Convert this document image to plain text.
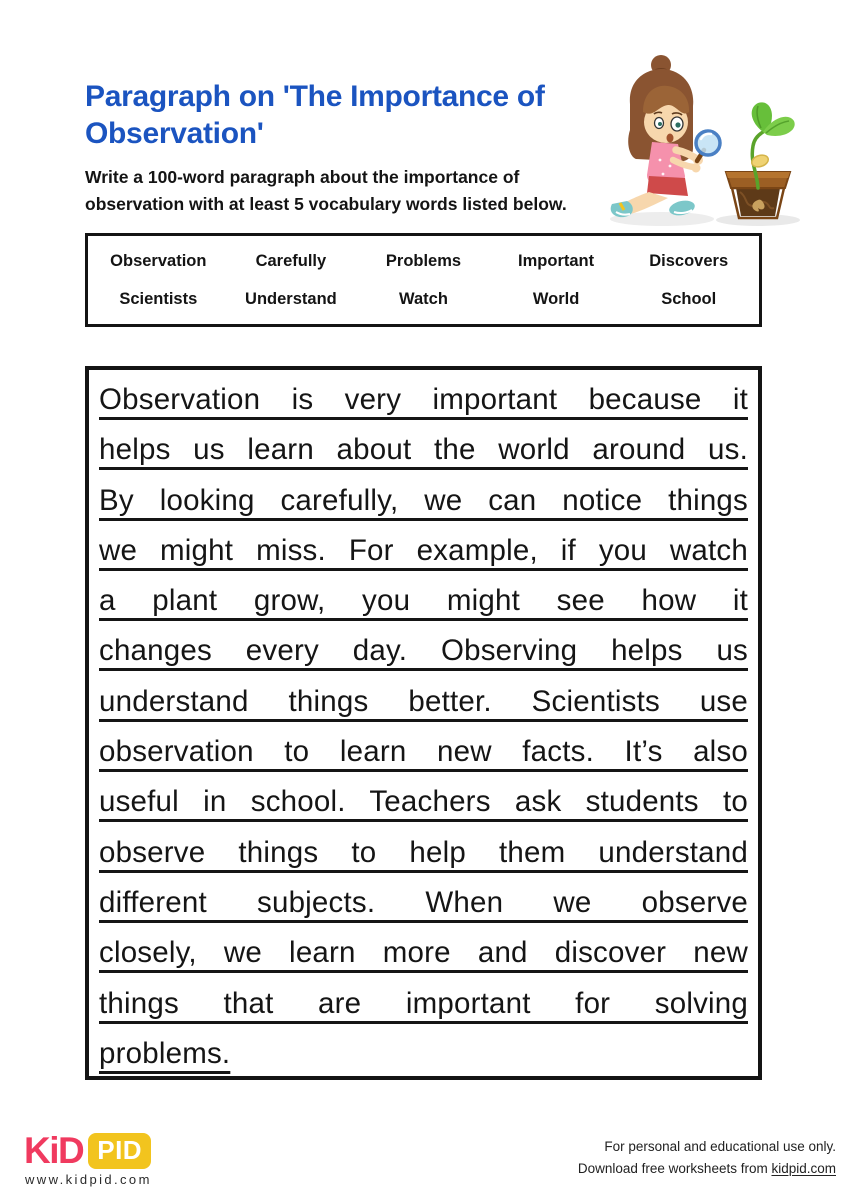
Paragraph on 'The Importance of Observation'
Write a 100-word paragraph about the importance of
observation with at least 5 vocabulary words listed below.
Observation	Carefully	Problems	Important	Discovers
Scientists	Understand	Watch	World	School
Observation is very important because it
helps us learn about the world around us.
By looking carefully, we can notice things
we might miss. For example, if you watch
a plant grow, you might see how it
changes every day. Observing helps us
understand things better. Scientists use
observation to learn new facts. It’s also
useful in school. Teachers ask students to
observe things to help them understand
different subjects. When we observe
closely, we learn more and discover new
things that are important for solving
problems.
KiD PID
www.kidpid.com
For personal and educational use only.
Download free worksheets from kidpid.com
